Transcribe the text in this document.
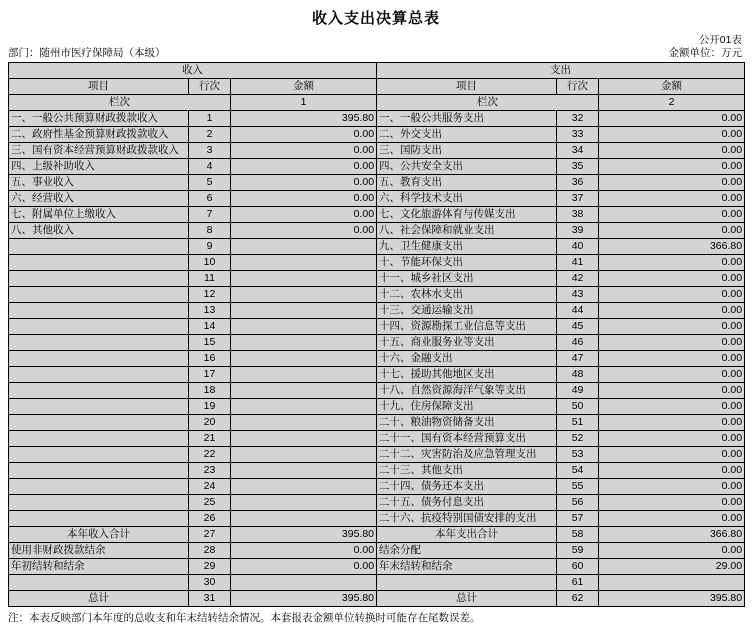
收入支出决算总表
公开01表
部门：随州市医疗保障局（本级）	金额单位：万元
收入			支出		
项目	行次	金额	项目	行次	金额
栏次		1	栏次		2
一、一般公共预算财政拨款收入	1	395.80	一、一般公共服务支出	32	0.00
二、政府性基金预算财政拨款收入	2	0.00	二、外交支出	33	0.00
三、国有资本经营预算财政拨款收入	3	0.00	三、国防支出	34	0.00
四、上级补助收入	4	0.00	四、公共安全支出	35	0.00
五、事业收入	5	0.00	五、教育支出	36	0.00
六、经营收入	6	0.00	六、科学技术支出	37	0.00
七、附属单位上缴收入	7	0.00	七、文化旅游体育与传媒支出	38	0.00
八、其他收入	8	0.00	八、社会保障和就业支出	39	0.00
	9		九、卫生健康支出	40	366.80
	10		十、节能环保支出	41	0.00
	11		十一、城乡社区支出	42	0.00
	12		十二、农林水支出	43	0.00
	13		十三、交通运输支出	44	0.00
	14		十四、资源勘探工业信息等支出	45	0.00
	15		十五、商业服务业等支出	46	0.00
	16		十六、金融支出	47	0.00
	17		十七、援助其他地区支出	48	0.00
	18		十八、自然资源海洋气象等支出	49	0.00
	19		十九、住房保障支出	50	0.00
	20		二十、粮油物资储备支出	51	0.00
	21		二十一、国有资本经营预算支出	52	0.00
	22		二十二、灾害防治及应急管理支出	53	0.00
	23		二十三、其他支出	54	0.00
	24		二十四、债务还本支出	55	0.00
	25		二十五、债务付息支出	56	0.00
	26		二十六、抗疫特别国债安排的支出	57	0.00
本年收入合计	27	395.80	本年支出合计	58	366.80
使用非财政拨款结余	28	0.00	结余分配	59	0.00
年初结转和结余	29	0.00	年末结转和结余	60	29.00
	30			61	
总计	31	395.80	总计	62	395.80
注：本表反映部门本年度的总收支和年末结转结余情况。本套报表金额单位转换时可能存在尾数误差。
